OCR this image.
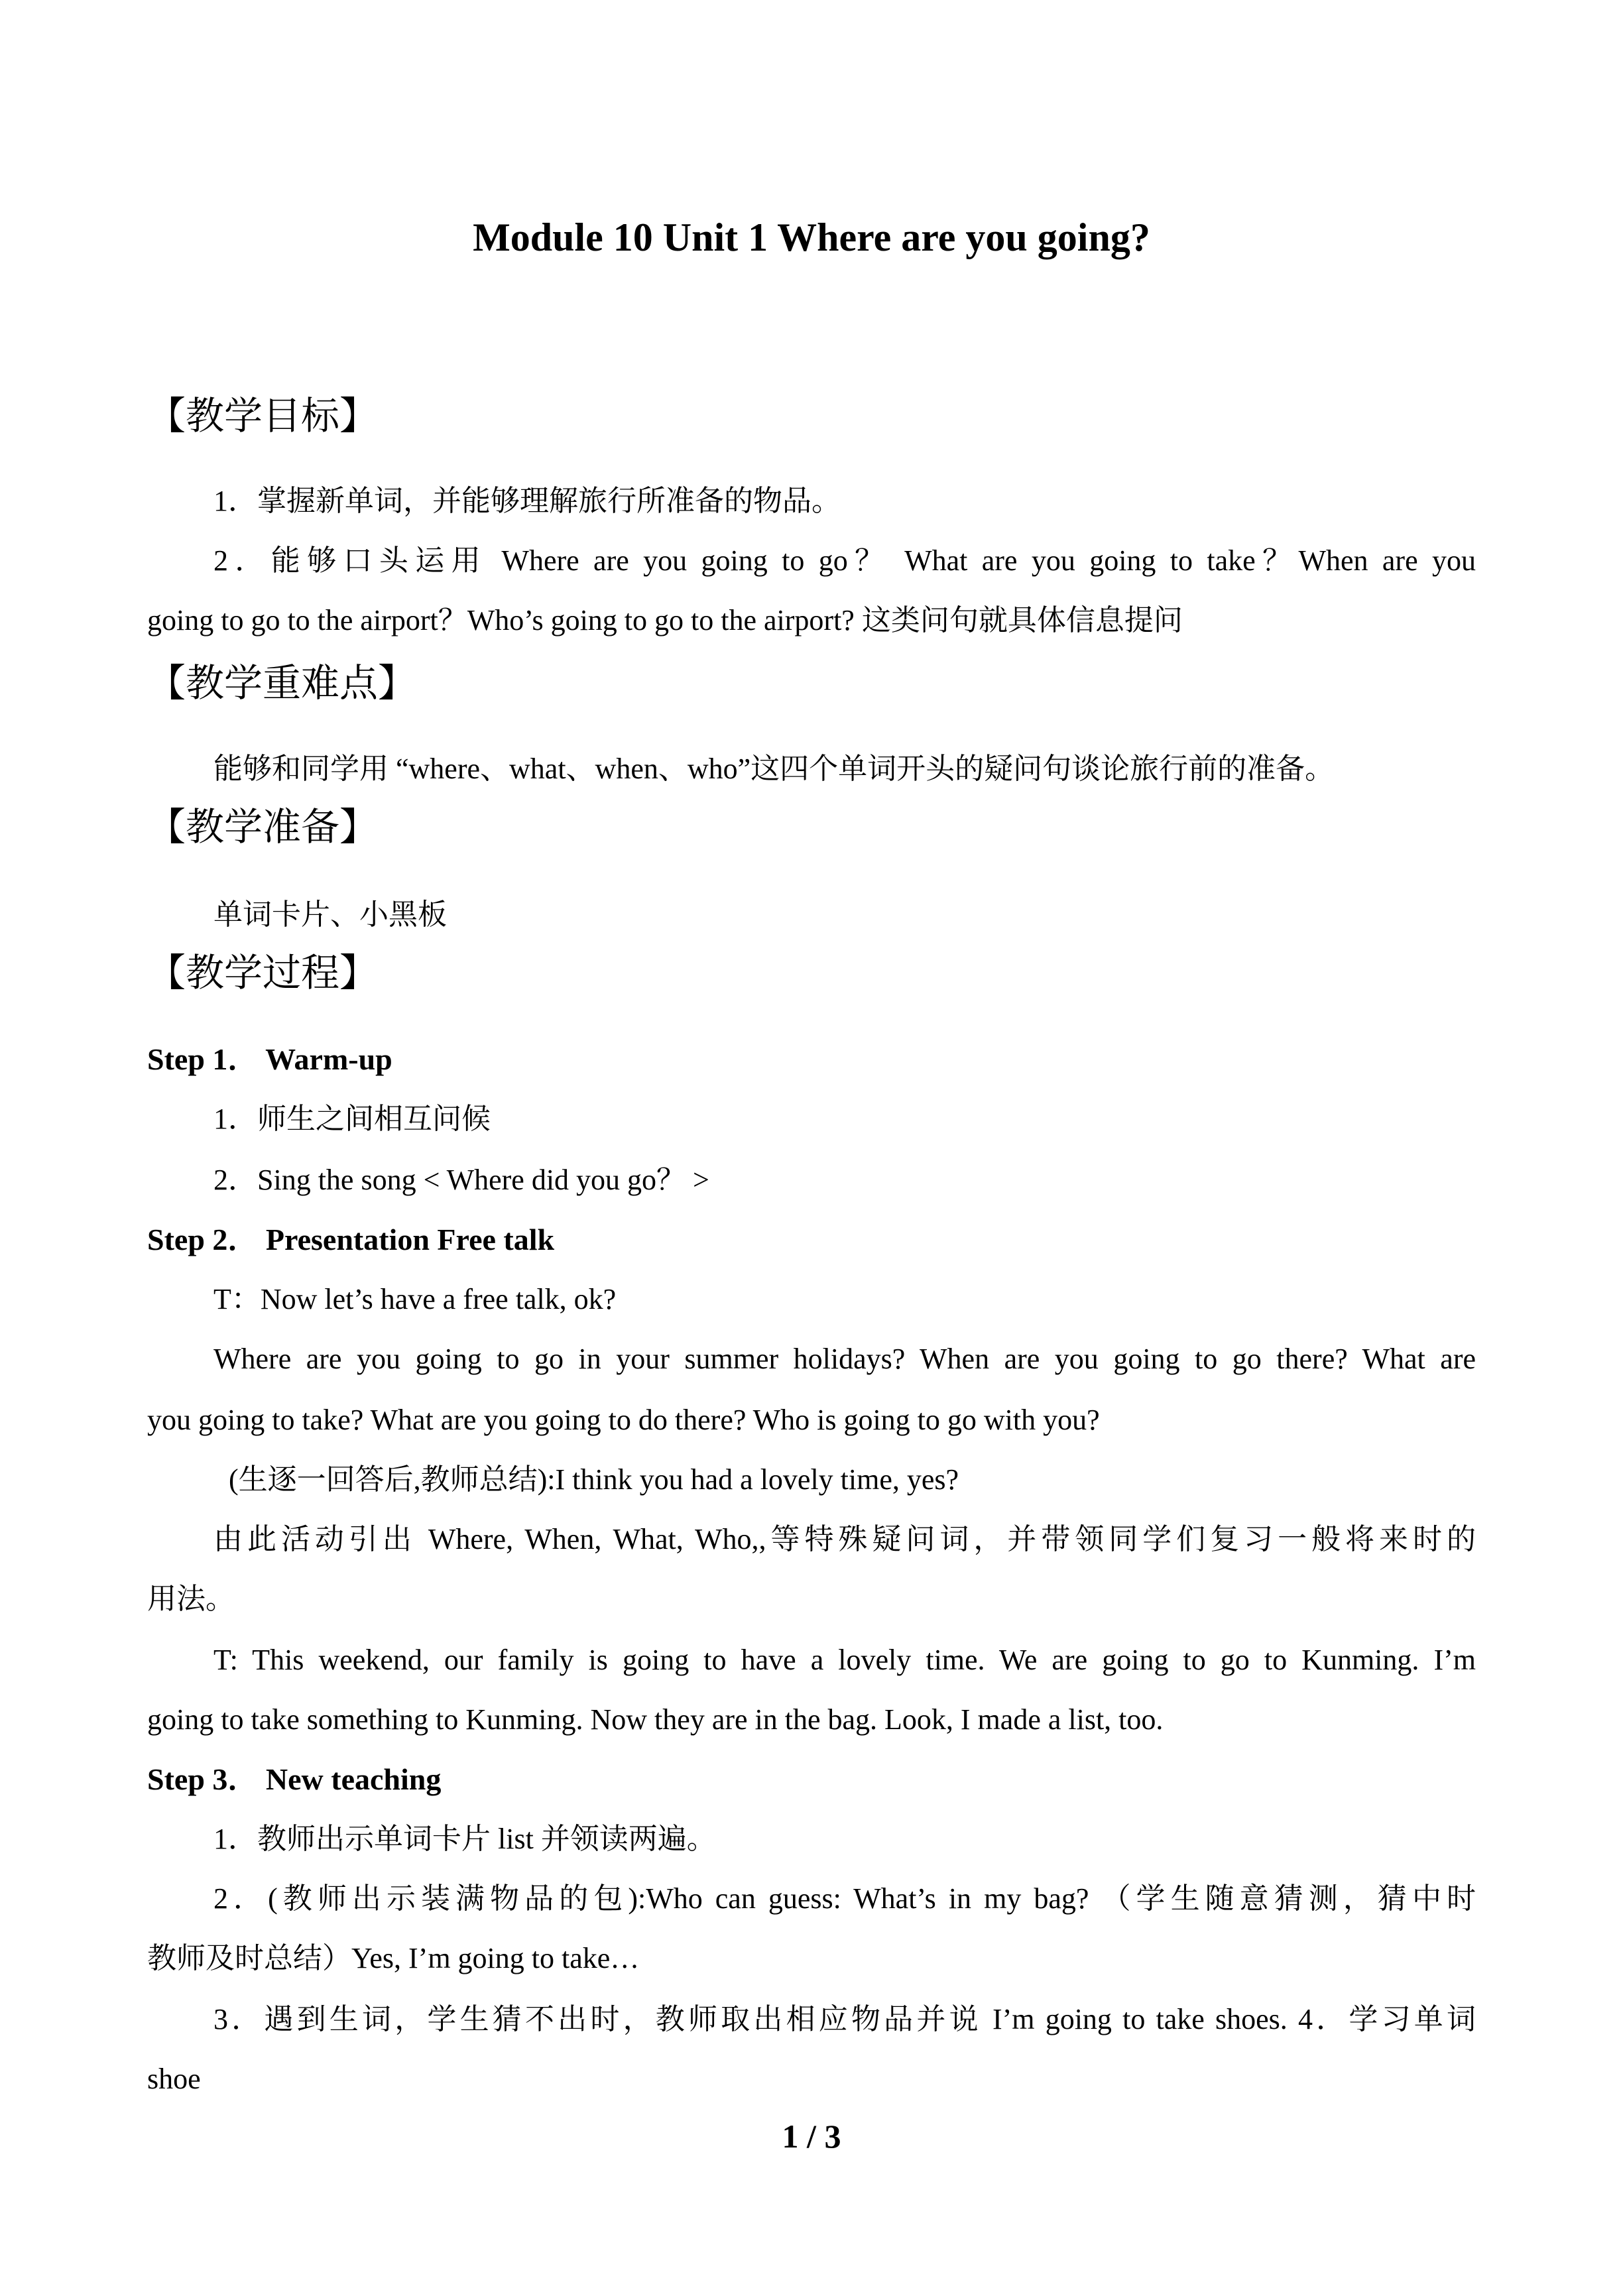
Module 10 Unit 1 Where are you going?
【教学目标】
1．掌握新单词，并能够理解旅行所准备的物品。
2．能够口头运用 Where are you going to go？ What are you going to take？When are you
going to go to the airport？Who’s going to go to the airport? 这类问句就具体信息提问
【教学重难点】
能够和同学用 “where、what、when、who”这四个单词开头的疑问句谈论旅行前的准备。
【教学准备】
单词卡片、小黑板
【教学过程】
Step 1． Warm-up
1．师生之间相互问候
2．Sing the song < Where did you go？ >
Step 2． Presentation Free talk
T：Now let’s have a free talk, ok?
Where are you going to go in your summer holidays? When are you going to go there? What are
you going to take? What are you going to do there? Who is going to go with you?
(生逐一回答后,教师总结):I think you had a lovely time, yes?
由此活动引出 Where, When, What, Who,,等特殊疑问词，并带领同学们复习一般将来时的
用法。
T: This weekend, our family is going to have a lovely time. We are going to go to Kunming. I’m
going to take something to Kunming. Now they are in the bag. Look, I made a list, too.
Step 3． New teaching
1．教师出示单词卡片 list 并领读两遍。
2．(教师出示装满物品的包):Who can guess: What’s in my bag? （学生随意猜测，猜中时
教师及时总结）Yes, I’m going to take…
3．遇到生词，学生猜不出时，教师取出相应物品并说 I’m going to take shoes. 4．学习单词
shoe
1 / 3
